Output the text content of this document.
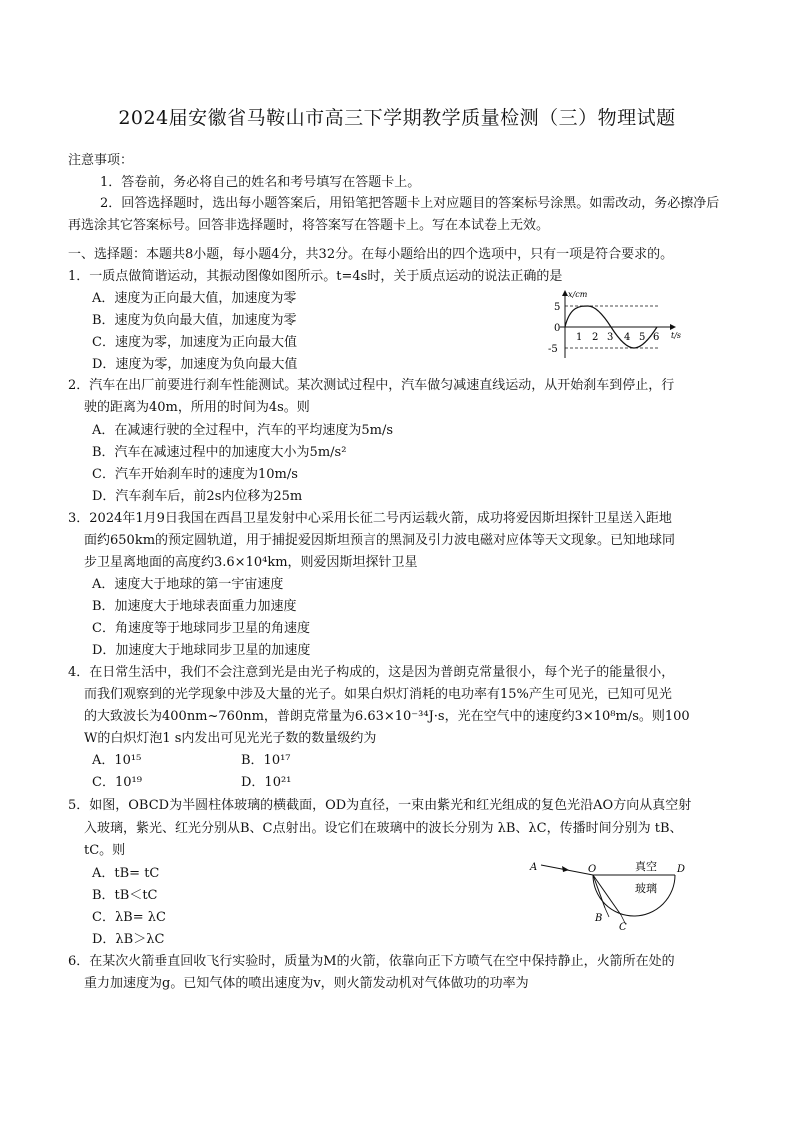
2024届安徽省马鞍山市高三下学期教学质量检测（三）物理试题
注意事项：
1．答卷前，务必将自己的姓名和考号填写在答题卡上。
2．回答选择题时，选出每小题答案后，用铅笔把答题卡上对应题目的答案标号涂黑。如需改动，务必擦净后再选涂其它答案标号。回答非选择题时，将答案写在答题卡上。写在本试卷上无效。
一、选择题：本题共8小题，每小题4分，共32分。在每小题给出的四个选项中，只有一项是符合要求的。
1．一质点做简谐运动，其振动图像如图所示。t=4s时，关于质点运动的说法正确的是
A．速度为正向最大值，加速度为零
B．速度为负向最大值，加速度为零
C．速度为零，加速度为正向最大值
D．速度为零，加速度为负向最大值
x/cm
t/s
5
0
-5
1 2 3 4 5 6
2．汽车在出厂前要进行刹车性能测试。某次测试过程中，汽车做匀减速直线运动，从开始刹车到停止，行
驶的距离为40m，所用的时间为4s。则
A．在减速行驶的全过程中，汽车的平均速度为5m/s
B．汽车在减速过程中的加速度大小为5m/s²
C．汽车开始刹车时的速度为10m/s
D．汽车刹车后，前2s内位移为25m
3．2024年1月9日我国在西昌卫星发射中心采用长征二号丙运载火箭，成功将爱因斯坦探针卫星送入距地
面约650km的预定圆轨道，用于捕捉爱因斯坦预言的黑洞及引力波电磁对应体等天文现象。已知地球同
步卫星离地面的高度约3.6×10⁴km，则爱因斯坦探针卫星
A．速度大于地球的第一宇宙速度
B．加速度大于地球表面重力加速度
C．角速度等于地球同步卫星的角速度
D．加速度大于地球同步卫星的加速度
4．在日常生活中，我们不会注意到光是由光子构成的，这是因为普朗克常量很小，每个光子的能量很小，
而我们观察到的光学现象中涉及大量的光子。如果白炽灯消耗的电功率有15%产生可见光，已知可见光
的大致波长为400nm~760nm，普朗克常量为6.63×10⁻³⁴J·s，光在空气中的速度约3×10⁸m/s。则100
W的白炽灯泡1 s内发出可见光光子数的数量级约为
A．10¹⁵	B．10¹⁷
C．10¹⁹	D．10²¹
5．如图，OBCD为半圆柱体玻璃的横截面，OD为直径，一束由紫光和红光组成的复色光沿AO方向从真空射
入玻璃，紫光、红光分别从B、C点射出。设它们在玻璃中的波长分别为 λB、λC，传播时间分别为 tB、
tC。则
A．tB= tC
B．tB＜tC
C．λB= λC
D．λB＞λC
A	O	D
B
C
真空
玻璃
6．在某次火箭垂直回收飞行实验时，质量为M的火箭，依靠向正下方喷气在空中保持静止，火箭所在处的
重力加速度为g。已知气体的喷出速度为v，则火箭发动机对气体做功的功率为
